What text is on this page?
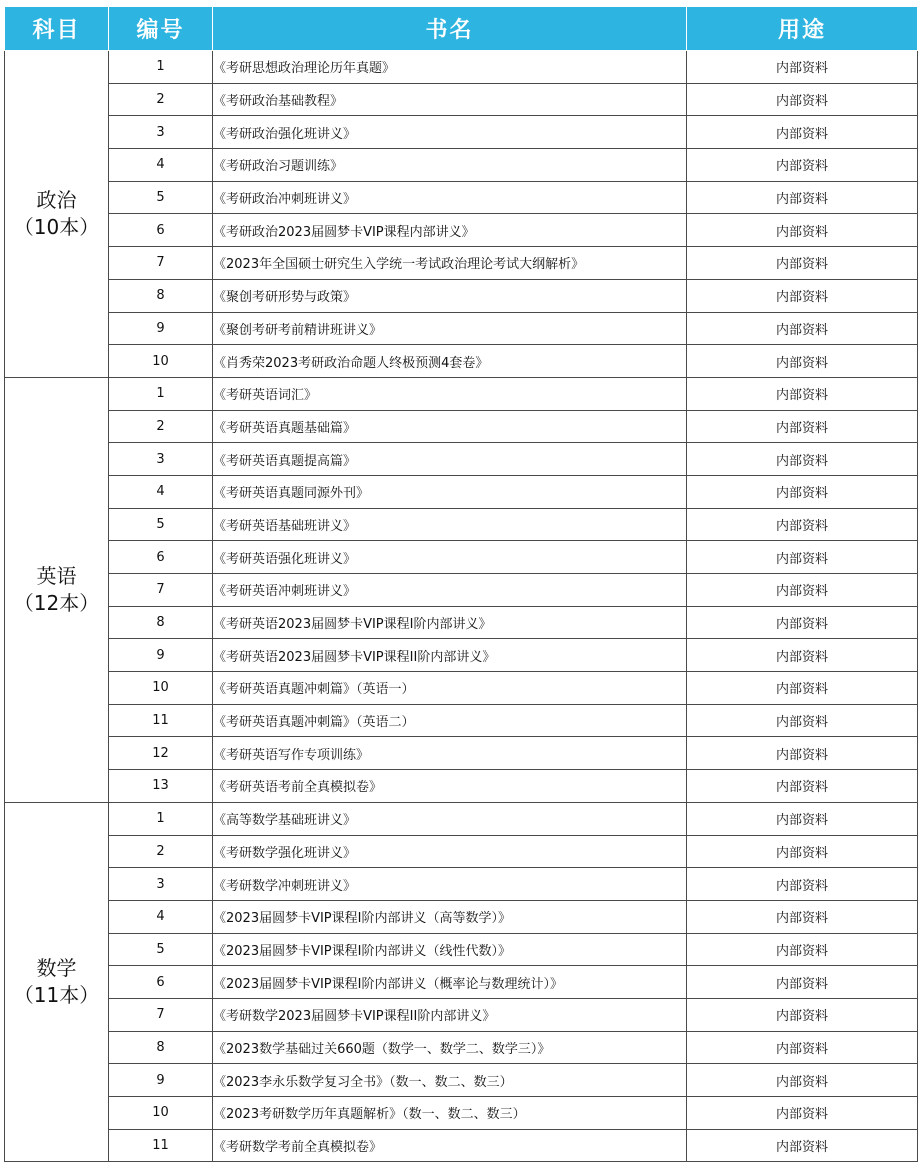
科目	编号	书名	用途

政治
（10本）	1	《考研思想政治理论历年真题》	内部资料
	2	《考研政治基础教程》	内部资料
	3	《考研政治强化班讲义》	内部资料
	4	《考研政治习题训练》	内部资料
	5	《考研政治冲刺班讲义》	内部资料
	6	《考研政治2023届圆梦卡VIP课程内部讲义》	内部资料
	7	《2023年全国硕士研究生入学统一考试政治理论考试大纲解析》	内部资料
	8	《聚创考研形势与政策》	内部资料
	9	《聚创考研考前精讲班讲义》	内部资料
	10	《肖秀荣2023考研政治命题人终极预测4套卷》	内部资料

英语
（12本）	1	《考研英语词汇》	内部资料
	2	《考研英语真题基础篇》	内部资料
	3	《考研英语真题提高篇》	内部资料
	4	《考研英语真题同源外刊》	内部资料
	5	《考研英语基础班讲义》	内部资料
	6	《考研英语强化班讲义》	内部资料
	7	《考研英语冲刺班讲义》	内部资料
	8	《考研英语2023届圆梦卡VIP课程I阶内部讲义》	内部资料
	9	《考研英语2023届圆梦卡VIP课程II阶内部讲义》	内部资料
	10	《考研英语真题冲刺篇》（英语一）	内部资料
	11	《考研英语真题冲刺篇》（英语二）	内部资料
	12	《考研英语写作专项训练》	内部资料
	13	《考研英语考前全真模拟卷》	内部资料

数学
（11本）	1	《高等数学基础班讲义》	内部资料
	2	《考研数学强化班讲义》	内部资料
	3	《考研数学冲刺班讲义》	内部资料
	4	《2023届圆梦卡VIP课程I阶内部讲义（高等数学）》	内部资料
	5	《2023届圆梦卡VIP课程I阶内部讲义（线性代数）》	内部资料
	6	《2023届圆梦卡VIP课程I阶内部讲义（概率论与数理统计）》	内部资料
	7	《考研数学2023届圆梦卡VIP课程II阶内部讲义》	内部资料
	8	《2023数学基础过关660题（数学一、数学二、数学三）》	内部资料
	9	《2023李永乐数学复习全书》（数一、数二、数三）	内部资料
	10	《2023考研数学历年真题解析》（数一、数二、数三）	内部资料
	11	《考研数学考前全真模拟卷》	内部资料
